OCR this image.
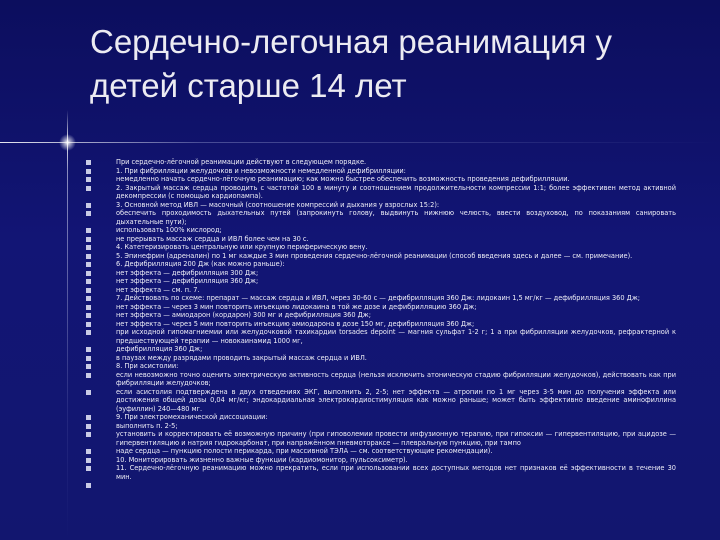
Сердечно-легочная реанимация у детей старше 14 лет
При сердечно-лёгочной реанимации действуют в следующем порядке.
1. При фибрилляции желудочков и невозможности немедленной дефибрилляции:
немедленно начать сердечно-лёгочную реанимацию; как можно быстрее обеспечить возможность проведения дефибрилляции.
2. Закрытый массаж сердца проводить с частотой 100 в минуту и соотношением продолжительности компрессии 1:1; более эффективен метод активной декомпрессии (с помощью кардиопампа).
3. Основной метод ИВЛ — масочный (соотношение компрессий и дыхания у взрослых 15:2):
обеспечить проходимость дыхательных путей (запрокинуть голову, выдвинуть нижнюю челюсть, ввести воздуховод, по показаниям санировать дыхательные пути);
использовать 100% кислород;
не прерывать массаж сердца и ИВЛ более чем на 30 с.
4. Катетеризировать центральную или крупную периферическую вену.
5. Эпинефрин (адреналин) по 1 мг каждые 3 мин проведения сердечно-лёгочной реанимации (способ введения здесь и далее — см. примечание).
6. Дефибрилляция 200 Дж (как можно раньше):
нет эффекта — дефибрилляция 300 Дж;
нет эффекта — дефибрилляция 360 Дж;
нет эффекта — см. п. 7.
7. Действовать по схеме: препарат — массаж сердца и ИВЛ, через 30-60 с — дефибрилляция 360 Дж: лидокаин 1,5 мг/кг — дефибрилляция 360 Дж;
нет эффекта — через 3 мин повторить инъекцию лидокаина в той же дозе и дефибрилляцию 360 Дж;
нет эффекта — амиодарон (кордарон) 300 мг и дефибрилляция 360 Дж;
нет эффекта — через 5 мин повторить инъекцию амиодарона в дозе 150 мг, дефибрилляция 360 Дж;
при исходной гипомагниемии или желудочковой тахикардии torsades depoint — магния сульфат 1-2 г; 1 а при фибрилляции желудочков, рефрактерной к предшествующей терапии — новокаинамид 1000 мг,
дефибрилляция 360 Дж;
в паузах между разрядами проводить закрытый массаж сердца и ИВЛ.
8. При асистолии:
если невозможно точно оценить электрическую активность сердца (нельзя исключить атоническую стадию фибрилляции желудочков), действовать как при фибрилляции желудочков;
если асистолия подтверждена в двух отведениях ЭКГ, выполнить 2, 2-5; нет эффекта — атропин по 1 мг через 3-5 мин до получения эффекта или достижения общей дозы 0,04 мг/кг; эндокардиальная электрокардиостимуляция как можно раньше; может быть эффективно введение аминофиллина (эуфиллин) 240—480 мг.
9. При электромеханической диссоциации:
выполнить п. 2-5;
установить и корректировать её возможную причину (при гиповолемии провести инфузионную терапию, при гипоксии — гипервентиляцию, при ацидозе — гипервентиляцию и натрия гидрокарбонат, при напряжённом пневмотораксе — плевральную пункцию, при тампо
наде сердца — пункцию полости перикарда, при массивной ТЭЛА — см. соответствующие рекомендации).
10. Мониторировать жизненно важные функции (кардиомонитор, пульсоксиметр).
11. Сердечно-лёгочную реанимацию можно прекратить, если при использовании всех доступных методов нет признаков её эффективности в течение 30 мин.
